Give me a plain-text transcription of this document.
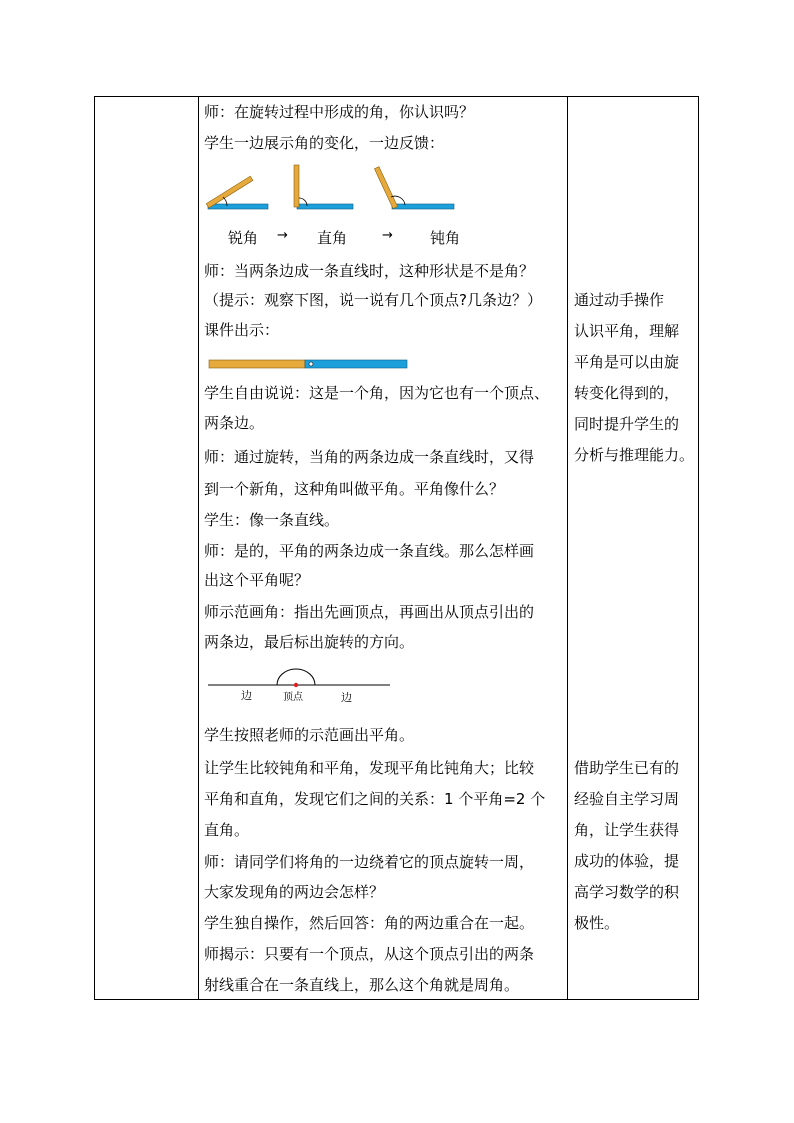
师：在旋转过程中形成的角，你认识吗？
学生一边展示角的变化，一边反馈：
锐角 → 直角	→ 钝角
师：当两条边成一条直线时，这种形状是不是角？
（提示：观察下图，说一说有几个顶点?几条边？）
课件出示：
学生自由说说：这是一个角，因为它也有一个顶点、
两条边。
师：通过旋转，当角的两条边成一条直线时，又得
到一个新角，这种角叫做平角。平角像什么？
学生：像一条直线。
师：是的，平角的两条边成一条直线。那么怎样画
出这个平角呢？
师示范画角：指出先画顶点，再画出从顶点引出的
两条边，最后标出旋转的方向。
边	顶点	边
学生按照老师的示范画出平角。
让学生比较钝角和平角，发现平角比钝角大；比较
平角和直角，发现它们之间的关系：1 个平角=2 个
直角。
师：请同学们将角的一边绕着它的顶点旋转一周，
大家发现角的两边会怎样？
学生独自操作，然后回答：角的两边重合在一起。
师揭示：只要有一个顶点，从这个顶点引出的两条
射线重合在一条直线上，那么这个角就是周角。
通过动手操作
认识平角，理解
平角是可以由旋
转变化得到的，
同时提升学生的
分析与推理能力。
借助学生已有的
经验自主学习周
角，让学生获得
成功的体验，提
高学习数学的积
极性。
